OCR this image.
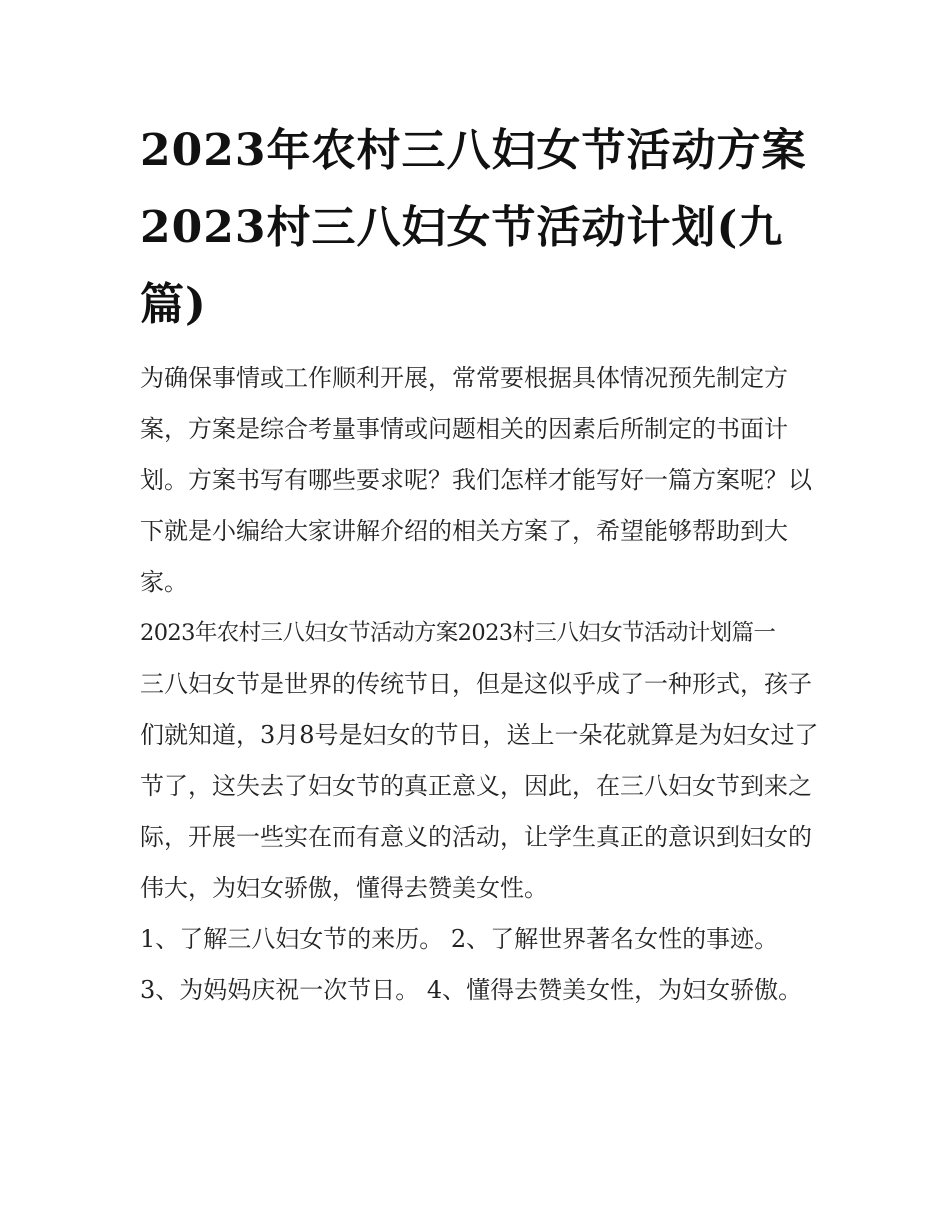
2023年农村三八妇女节活动方案2023村三八妇女节活动计划(九篇)

为确保事情或工作顺利开展，常常要根据具体情况预先制定方案，方案是综合考量事情或问题相关的因素后所制定的书面计划。方案书写有哪些要求呢？我们怎样才能写好一篇方案呢？以下就是小编给大家讲解介绍的相关方案了，希望能够帮助到大家。

2023年农村三八妇女节活动方案2023村三八妇女节活动计划篇一

三八妇女节是世界的传统节日，但是这似乎成了一种形式，孩子们就知道，3月8号是妇女的节日，送上一朵花就算是为妇女过了节了，这失去了妇女节的真正意义，因此，在三八妇女节到来之际，开展一些实在而有意义的活动，让学生真正的意识到妇女的伟大，为妇女骄傲，懂得去赞美女性。

1、了解三八妇女节的来历。 2、了解世界著名女性的事迹。

3、为妈妈庆祝一次节日。 4、懂得去赞美女性，为妇女骄傲。
